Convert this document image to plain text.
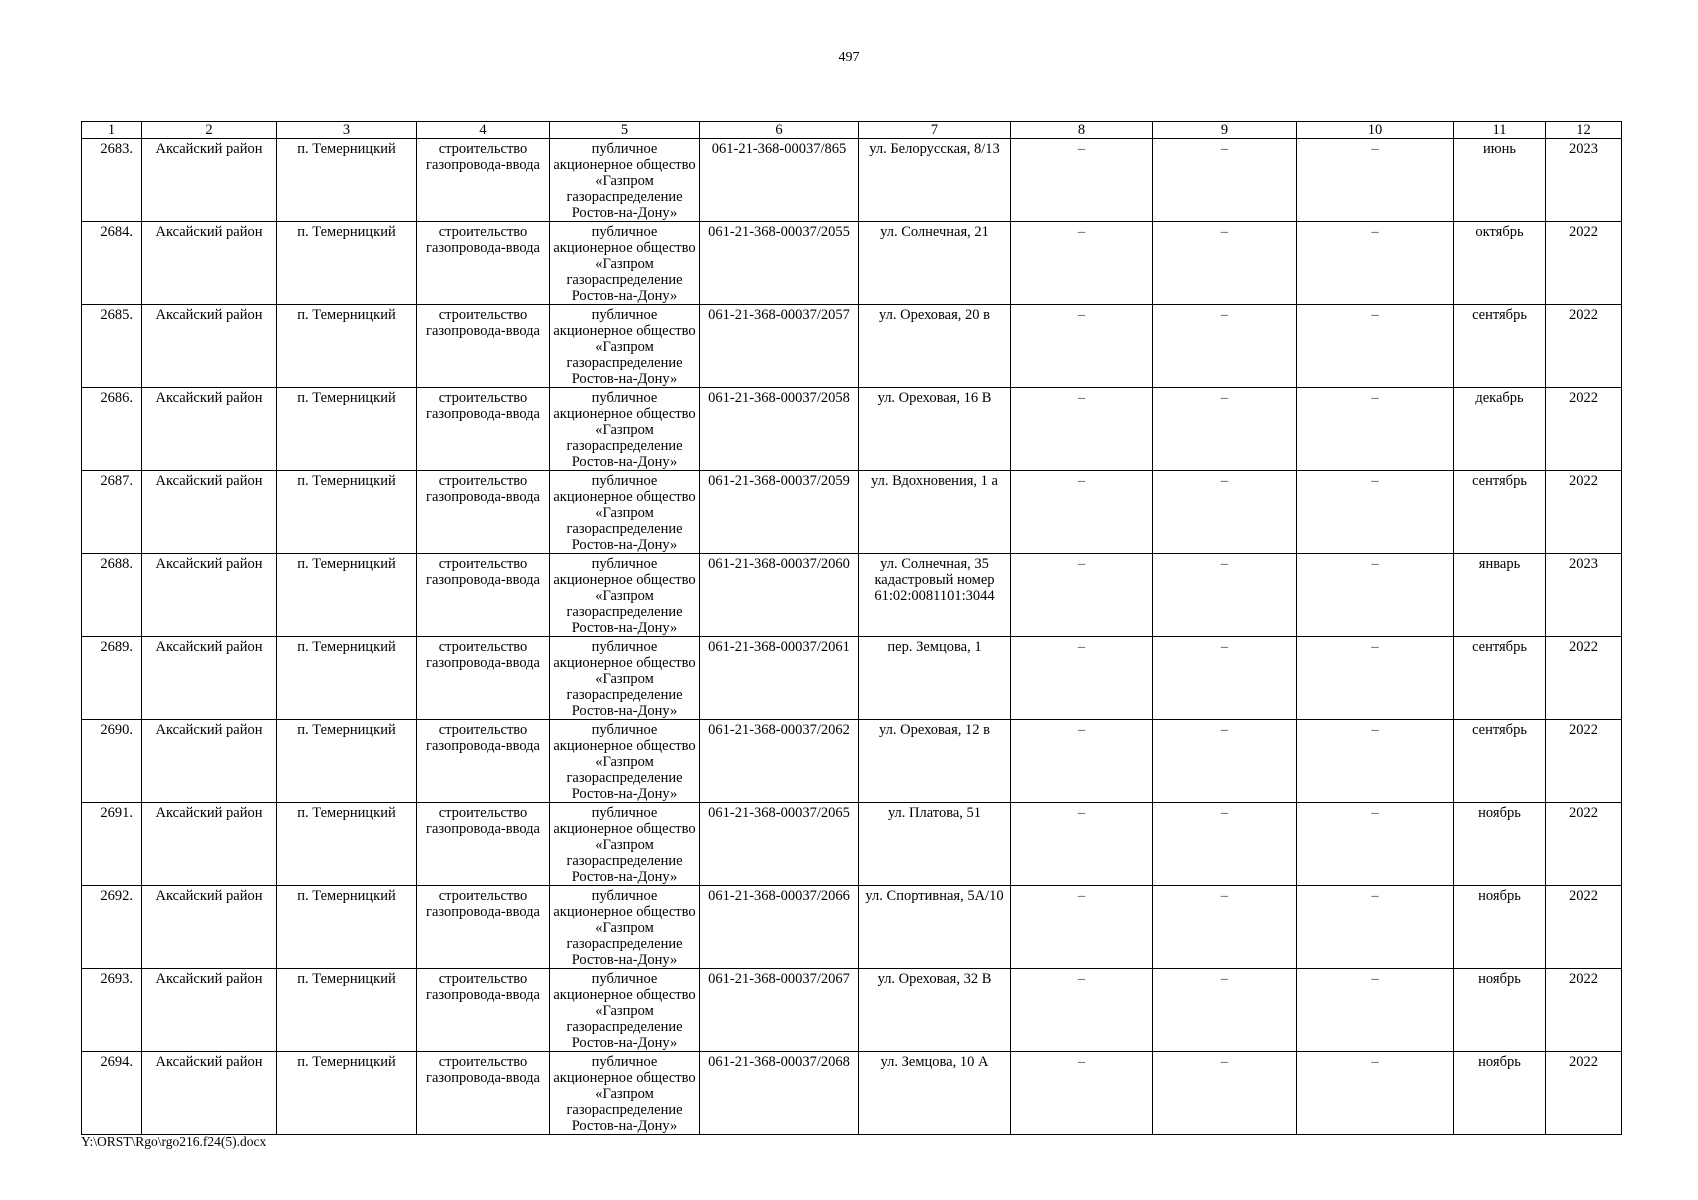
497
1	2	3	4	5	6	7	8	9	10	11	12
2683.	Аксайский район	п. Темерницкий	строительство газопровода-ввода	публичное акционерное общество «Газпром газораспределение Ростов-на-Дону»	061-21-368-00037/865	ул. Белорусская, 8/13	–	–	–	июнь	2023
2684.	Аксайский район	п. Темерницкий	строительство газопровода-ввода	публичное акционерное общество «Газпром газораспределение Ростов-на-Дону»	061-21-368-00037/2055	ул. Солнечная, 21	–	–	–	октябрь	2022
2685.	Аксайский район	п. Темерницкий	строительство газопровода-ввода	публичное акционерное общество «Газпром газораспределение Ростов-на-Дону»	061-21-368-00037/2057	ул. Ореховая, 20 в	–	–	–	сентябрь	2022
2686.	Аксайский район	п. Темерницкий	строительство газопровода-ввода	публичное акционерное общество «Газпром газораспределение Ростов-на-Дону»	061-21-368-00037/2058	ул. Ореховая, 16 В	–	–	–	декабрь	2022
2687.	Аксайский район	п. Темерницкий	строительство газопровода-ввода	публичное акционерное общество «Газпром газораспределение Ростов-на-Дону»	061-21-368-00037/2059	ул. Вдохновения, 1 а	–	–	–	сентябрь	2022
2688.	Аксайский район	п. Темерницкий	строительство газопровода-ввода	публичное акционерное общество «Газпром газораспределение Ростов-на-Дону»	061-21-368-00037/2060	ул. Солнечная, 35 кадастровый номер 61:02:0081101:3044	–	–	–	январь	2023
2689.	Аксайский район	п. Темерницкий	строительство газопровода-ввода	публичное акционерное общество «Газпром газораспределение Ростов-на-Дону»	061-21-368-00037/2061	пер. Земцова, 1	–	–	–	сентябрь	2022
2690.	Аксайский район	п. Темерницкий	строительство газопровода-ввода	публичное акционерное общество «Газпром газораспределение Ростов-на-Дону»	061-21-368-00037/2062	ул. Ореховая, 12 в	–	–	–	сентябрь	2022
2691.	Аксайский район	п. Темерницкий	строительство газопровода-ввода	публичное акционерное общество «Газпром газораспределение Ростов-на-Дону»	061-21-368-00037/2065	ул. Платова, 51	–	–	–	ноябрь	2022
2692.	Аксайский район	п. Темерницкий	строительство газопровода-ввода	публичное акционерное общество «Газпром газораспределение Ростов-на-Дону»	061-21-368-00037/2066	ул. Спортивная, 5А/10	–	–	–	ноябрь	2022
2693.	Аксайский район	п. Темерницкий	строительство газопровода-ввода	публичное акционерное общество «Газпром газораспределение Ростов-на-Дону»	061-21-368-00037/2067	ул. Ореховая, 32 В	–	–	–	ноябрь	2022
2694.	Аксайский район	п. Темерницкий	строительство газопровода-ввода	публичное акционерное общество «Газпром газораспределение Ростов-на-Дону»	061-21-368-00037/2068	ул. Земцова, 10 А	–	–	–	ноябрь	2022
Y:\ORST\Rgo\rgo216.f24(5).docx
